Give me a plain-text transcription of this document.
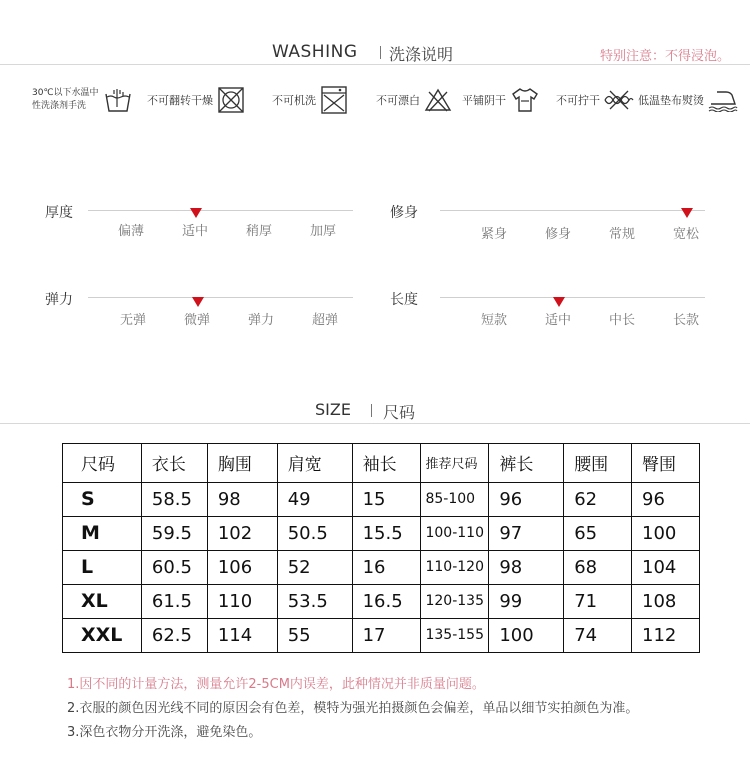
WASHING 洗涤说明	特别注意：不得浸泡。
30℃以下水温中
性洗涤剂手洗	不可翻转干燥	不可机洗	不可漂白	平铺阴干	不可拧干	低温垫布熨烫
厚度
偏薄	适中	稍厚	加厚
修身
紧身	修身	常规	宽松
弹力
无弹	微弹	弹力	超弹
长度
短款	适中	中长	长款
SIZE 尺码
尺码	衣长	胸围	肩宽	袖长	推荐尺码	裤长	腰围	臀围
S	58.5	98	49	15	85-100	96	62	96
M	59.5	102	50.5	15.5	100-110	97	65	100
L	60.5	106	52	16	110-120	98	68	104
XL	61.5	110	53.5	16.5	120-135	99	71	108
XXL	62.5	114	55	17	135-155	100	74	112
1.因不同的计量方法，测量允许2-5CM内误差，此种情况并非质量问题。
2.衣服的颜色因光线不同的原因会有色差，模特为强光拍摄颜色会偏差，单品以细节实拍颜色为准。
3.深色衣物分开洗涤，避免染色。
